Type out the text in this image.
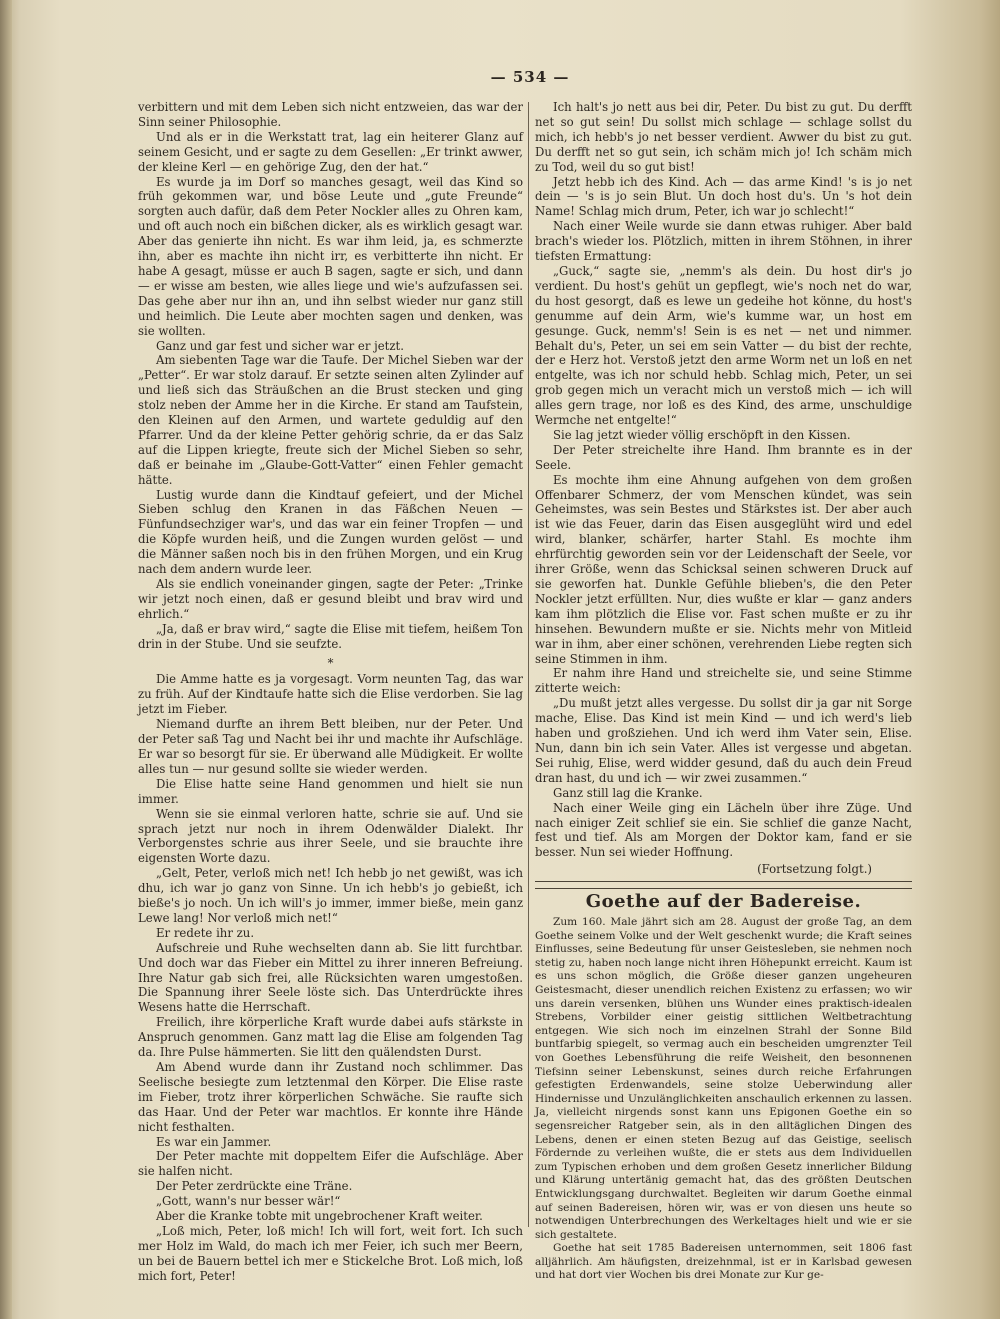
— 534 —

verbittern und mit dem Leben sich nicht entzweien, das war der Sinn seiner Philosophie.

Und als er in die Werkstatt trat, lag ein heiterer Glanz auf seinem Gesicht, und er sagte zu dem Gesellen: „Er trinkt awwer, der kleine Kerl — en gehörige Zug, den der hat.“

Es wurde ja im Dorf so manches gesagt, weil das Kind so früh gekommen war, und böse Leute und „gute Freunde“ sorgten auch dafür, daß dem Peter Nockler alles zu Ohren kam, und oft auch noch ein bißchen dicker, als es wirklich gesagt war. Aber das genierte ihn nicht. Es war ihm leid, ja, es schmerzte ihn, aber es machte ihn nicht irr, es verbitterte ihn nicht. Er habe A gesagt, müsse er auch B sagen, sagte er sich, und dann — er wisse am besten, wie alles liege und wie's aufzufassen sei. Das gehe aber nur ihn an, und ihn selbst wieder nur ganz still und heimlich. Die Leute aber mochten sagen und denken, was sie wollten.

Ganz und gar fest und sicher war er jetzt.

Am siebenten Tage war die Taufe. Der Michel Sieben war der „Petter“. Er war stolz darauf. Er setzte seinen alten Zylinder auf und ließ sich das Sträußchen an die Brust stecken und ging stolz neben der Amme her in die Kirche. Er stand am Taufstein, den Kleinen auf den Armen, und wartete geduldig auf den Pfarrer. Und da der kleine Petter gehörig schrie, da er das Salz auf die Lippen kriegte, freute sich der Michel Sieben so sehr, daß er beinahe im „Glaube-Gott-Vatter“ einen Fehler gemacht hätte.

Lustig wurde dann die Kindtauf gefeiert, und der Michel Sieben schlug den Kranen in das Fäßchen Neuen — Fünfundsechziger war's, und das war ein feiner Tropfen — und die Köpfe wurden heiß, und die Zungen wurden gelöst — und die Männer saßen noch bis in den frühen Morgen, und ein Krug nach dem andern wurde leer.

Als sie endlich voneinander gingen, sagte der Peter: „Trinke wir jetzt noch einen, daß er gesund bleibt und brav wird und ehrlich.“

„Ja, daß er brav wird,“ sagte die Elise mit tiefem, heißem Ton drin in der Stube. Und sie seufzte.

*

Die Amme hatte es ja vorgesagt. Vorm neunten Tag, das war zu früh. Auf der Kindtaufe hatte sich die Elise verdorben. Sie lag jetzt im Fieber.

Niemand durfte an ihrem Bett bleiben, nur der Peter. Und der Peter saß Tag und Nacht bei ihr und machte ihr Aufschläge. Er war so besorgt für sie. Er überwand alle Müdigkeit. Er wollte alles tun — nur gesund sollte sie wieder werden.

Die Elise hatte seine Hand genommen und hielt sie nun immer.

Wenn sie sie einmal verloren hatte, schrie sie auf. Und sie sprach jetzt nur noch in ihrem Odenwälder Dialekt. Ihr Verborgenstes schrie aus ihrer Seele, und sie brauchte ihre eigensten Worte dazu.

„Gelt, Peter, verloß mich net! Ich hebb jo net gewißt, was ich dhu, ich war jo ganz von Sinne. Un ich hebb's jo gebießt, ich bieße's jo noch. Un ich will's jo immer, immer bieße, mein ganz Lewe lang! Nor verloß mich net!“

Er redete ihr zu.

Aufschreie und Ruhe wechselten dann ab. Sie litt furchtbar. Und doch war das Fieber ein Mittel zu ihrer inneren Befreiung. Ihre Natur gab sich frei, alle Rücksichten waren umgestoßen. Die Spannung ihrer Seele löste sich. Das Unterdrückte ihres Wesens hatte die Herrschaft.

Freilich, ihre körperliche Kraft wurde dabei aufs stärkste in Anspruch genommen. Ganz matt lag die Elise am folgenden Tag da. Ihre Pulse hämmerten. Sie litt den quälendsten Durst.

Am Abend wurde dann ihr Zustand noch schlimmer. Das Seelische besiegte zum letztenmal den Körper. Die Elise raste im Fieber, trotz ihrer körperlichen Schwäche. Sie raufte sich das Haar. Und der Peter war machtlos. Er konnte ihre Hände nicht festhalten.

Es war ein Jammer.

Der Peter machte mit doppeltem Eifer die Aufschläge. Aber sie halfen nicht.

Der Peter zerdrückte eine Träne.

„Gott, wann's nur besser wär!“

Aber die Kranke tobte mit ungebrochener Kraft weiter.

„Loß mich, Peter, loß mich! Ich will fort, weit fort. Ich such mer Holz im Wald, do mach ich mer Feier, ich such mer Beern, un bei de Bauern bettel ich mer e Stickelche Brot. Loß mich, loß mich fort, Peter!

Ich halt's jo nett aus bei dir, Peter. Du bist zu gut. Du derfft net so gut sein! Du sollst mich schlage — schlage sollst du mich, ich hebb's jo net besser verdient. Awwer du bist zu gut. Du derfft net so gut sein, ich schäm mich jo! Ich schäm mich zu Tod, weil du so gut bist!

Jetzt hebb ich des Kind. Ach — das arme Kind! 's is jo net dein — 's is jo sein Blut. Un doch host du's. Un 's hot dein Name! Schlag mich drum, Peter, ich war jo schlecht!“

Nach einer Weile wurde sie dann etwas ruhiger. Aber bald brach's wieder los. Plötzlich, mitten in ihrem Stöhnen, in ihrer tiefsten Ermattung:

„Guck,“ sagte sie, „nemm's als dein. Du host dir's jo verdient. Du host's gehüt un gepflegt, wie's noch net do war, du host gesorgt, daß es lewe un gedeihe hot könne, du host's genumme auf dein Arm, wie's kumme war, un host em gesunge. Guck, nemm's! Sein is es net — net und nimmer. Behalt du's, Peter, un sei em sein Vatter — du bist der rechte, der e Herz hot. Verstoß jetzt den arme Worm net un loß en net entgelte, was ich nor schuld hebb. Schlag mich, Peter, un sei grob gegen mich un veracht mich un verstoß mich — ich will alles gern trage, nor loß es des Kind, des arme, unschuldige Wermche net entgelte!“

Sie lag jetzt wieder völlig erschöpft in den Kissen.

Der Peter streichelte ihre Hand. Ihm brannte es in der Seele.

Es mochte ihm eine Ahnung aufgehen von dem großen Offenbarer Schmerz, der vom Menschen kündet, was sein Geheimstes, was sein Bestes und Stärkstes ist. Der aber auch ist wie das Feuer, darin das Eisen ausgeglüht wird und edel wird, blanker, schärfer, harter Stahl. Es mochte ihm ehrfürchtig geworden sein vor der Leidenschaft der Seele, vor ihrer Größe, wenn das Schicksal seinen schweren Druck auf sie geworfen hat. Dunkle Gefühle blieben's, die den Peter Nockler jetzt erfüllten. Nur, dies wußte er klar — ganz anders kam ihm plötzlich die Elise vor. Fast schen mußte er zu ihr hinsehen. Bewundern mußte er sie. Nichts mehr von Mitleid war in ihm, aber einer schönen, verehrenden Liebe regten sich seine Stimmen in ihm.

Er nahm ihre Hand und streichelte sie, und seine Stimme zitterte weich:

„Du mußt jetzt alles vergesse. Du sollst dir ja gar nit Sorge mache, Elise. Das Kind ist mein Kind — und ich werd's lieb haben und großziehen. Und ich werd ihm Vater sein, Elise. Nun, dann bin ich sein Vater. Alles ist vergesse und abgetan. Sei ruhig, Elise, werd widder gesund, daß du auch dein Freud dran hast, du und ich — wir zwei zusammen.“

Ganz still lag die Kranke.

Nach einer Weile ging ein Lächeln über ihre Züge. Und nach einiger Zeit schlief sie ein. Sie schlief die ganze Nacht, fest und tief. Als am Morgen der Doktor kam, fand er sie besser. Nun sei wieder Hoffnung.

(Fortsetzung folgt.)

Goethe auf der Badereise.

Zum 160. Male jährt sich am 28. August der große Tag, an dem Goethe seinem Volke und der Welt geschenkt wurde; die Kraft seines Einflusses, seine Bedeutung für unser Geistesleben, sie nehmen noch stetig zu, haben noch lange nicht ihren Höhepunkt erreicht. Kaum ist es uns schon möglich, die Größe dieser ganzen ungeheuren Geistesmacht, dieser unendlich reichen Existenz zu erfassen; wo wir uns darein versenken, blühen uns Wunder eines praktisch-idealen Strebens, Vorbilder einer geistig sittlichen Weltbetrachtung entgegen. Wie sich noch im einzelnen Strahl der Sonne Bild buntfarbig spiegelt, so vermag auch ein bescheiden umgrenzter Teil von Goethes Lebensführung die reife Weisheit, den besonnenen Tiefsinn seiner Lebenskunst, seines durch reiche Erfahrungen gefestigten Erdenwandels, seine stolze Ueberwindung aller Hindernisse und Unzulänglichkeiten anschaulich erkennen zu lassen. Ja, vielleicht nirgends sonst kann uns Epigonen Goethe ein so segensreicher Ratgeber sein, als in den alltäglichen Dingen des Lebens, denen er einen steten Bezug auf das Geistige, seelisch Fördernde zu verleihen wußte, die er stets aus dem Individuellen zum Typischen erhoben und dem großen Gesetz innerlicher Bildung und Klärung untertänig gemacht hat, das des größten Deutschen Entwicklungsgang durchwaltet. Begleiten wir darum Goethe einmal auf seinen Badereisen, hören wir, was er von diesen uns heute so notwendigen Unterbrechungen des Werkeltages hielt und wie er sie sich gestaltete.

Goethe hat seit 1785 Badereisen unternommen, seit 1806 fast alljährlich. Am häufigsten, dreizehnmal, ist er in Karlsbad gewesen und hat dort vier Wochen bis drei Monate zur Kur ge-
